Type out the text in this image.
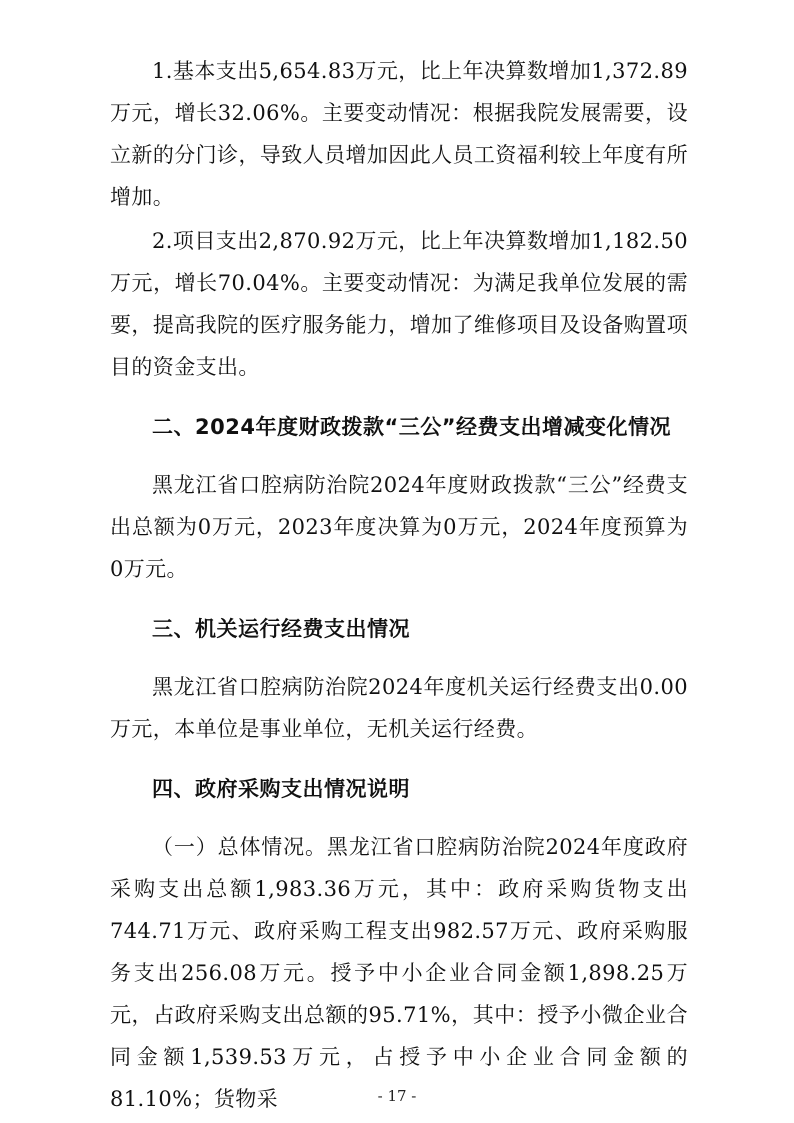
1.基本支出5,654.83万元，比上年决算数增加1,372.89万元，增长32.06%。主要变动情况：根据我院发展需要，设立新的分门诊，导致人员增加因此人员工资福利较上年度有所增加。

2.项目支出2,870.92万元，比上年决算数增加1,182.50万元，增长70.04%。主要变动情况：为满足我单位发展的需要，提高我院的医疗服务能力，增加了维修项目及设备购置项目的资金支出。

二、2024年度财政拨款“三公”经费支出增减变化情况

黑龙江省口腔病防治院2024年度财政拨款“三公”经费支出总额为0万元，2023年度决算为0万元，2024年度预算为0万元。

三、机关运行经费支出情况

黑龙江省口腔病防治院2024年度机关运行经费支出0.00万元，本单位是事业单位，无机关运行经费。

四、政府采购支出情况说明

（一）总体情况。黑龙江省口腔病防治院2024年度政府采购支出总额1,983.36万元，其中：政府采购货物支出744.71万元、政府采购工程支出982.57万元、政府采购服务支出256.08万元。授予中小企业合同金额1,898.25万元，占政府采购支出总额的95.71%，其中：授予小微企业合同金额1,539.53万元，占授予中小企业合同金额的81.10%；货物采	- 17 -
